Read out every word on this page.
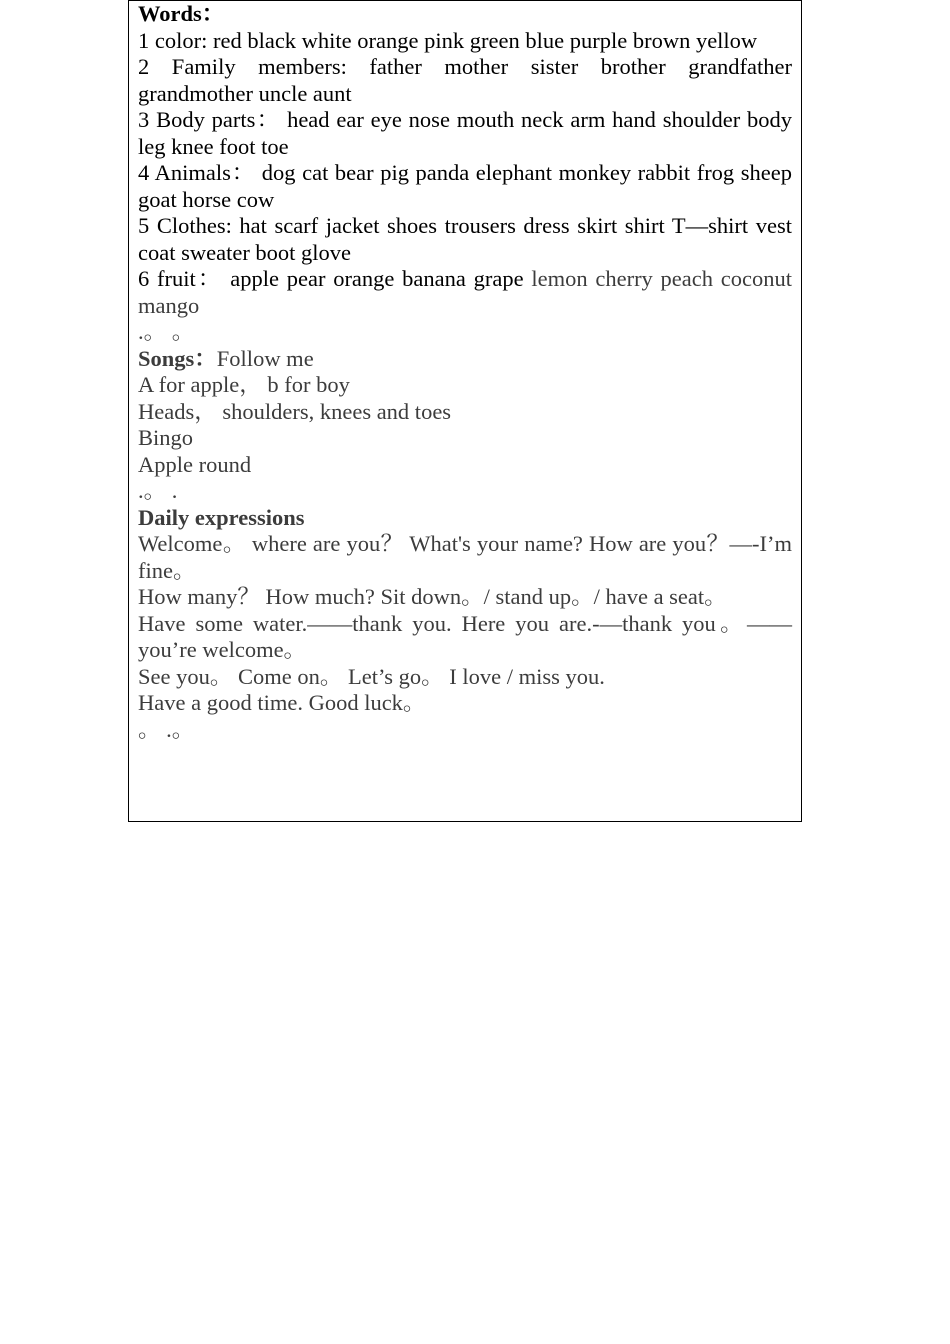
Words：

1 color: red black white orange pink green blue purple brown yellow

2 Family members: father mother sister brother grandfather grandmother uncle aunt

3 Body parts： head ear eye nose mouth neck arm hand shoulder body leg knee foot toe

4 Animals： dog cat bear pig panda elephant monkey rabbit frog sheep goat horse cow

5 Clothes: hat scarf jacket shoes trousers dress skirt shirt T—shirt vest coat sweater boot glove

6 fruit： apple pear orange banana grape lemon cherry peach coconut mango

.。 。

Songs：Follow me

A for apple， b for boy

Heads， shoulders, knees and toes

Bingo

Apple round

.。 .

Daily expressions

Welcome。 where are you？ What's your name? How are you？—-I’m fine。

How many？ How much? Sit down。/ stand up。/ have a seat。

Have some water.——thank you. Here you are.-—thank you。—— you’re welcome。

See you。 Come on。 Let’s go。 I love / miss you.

Have a good time. Good luck。

。 .。
